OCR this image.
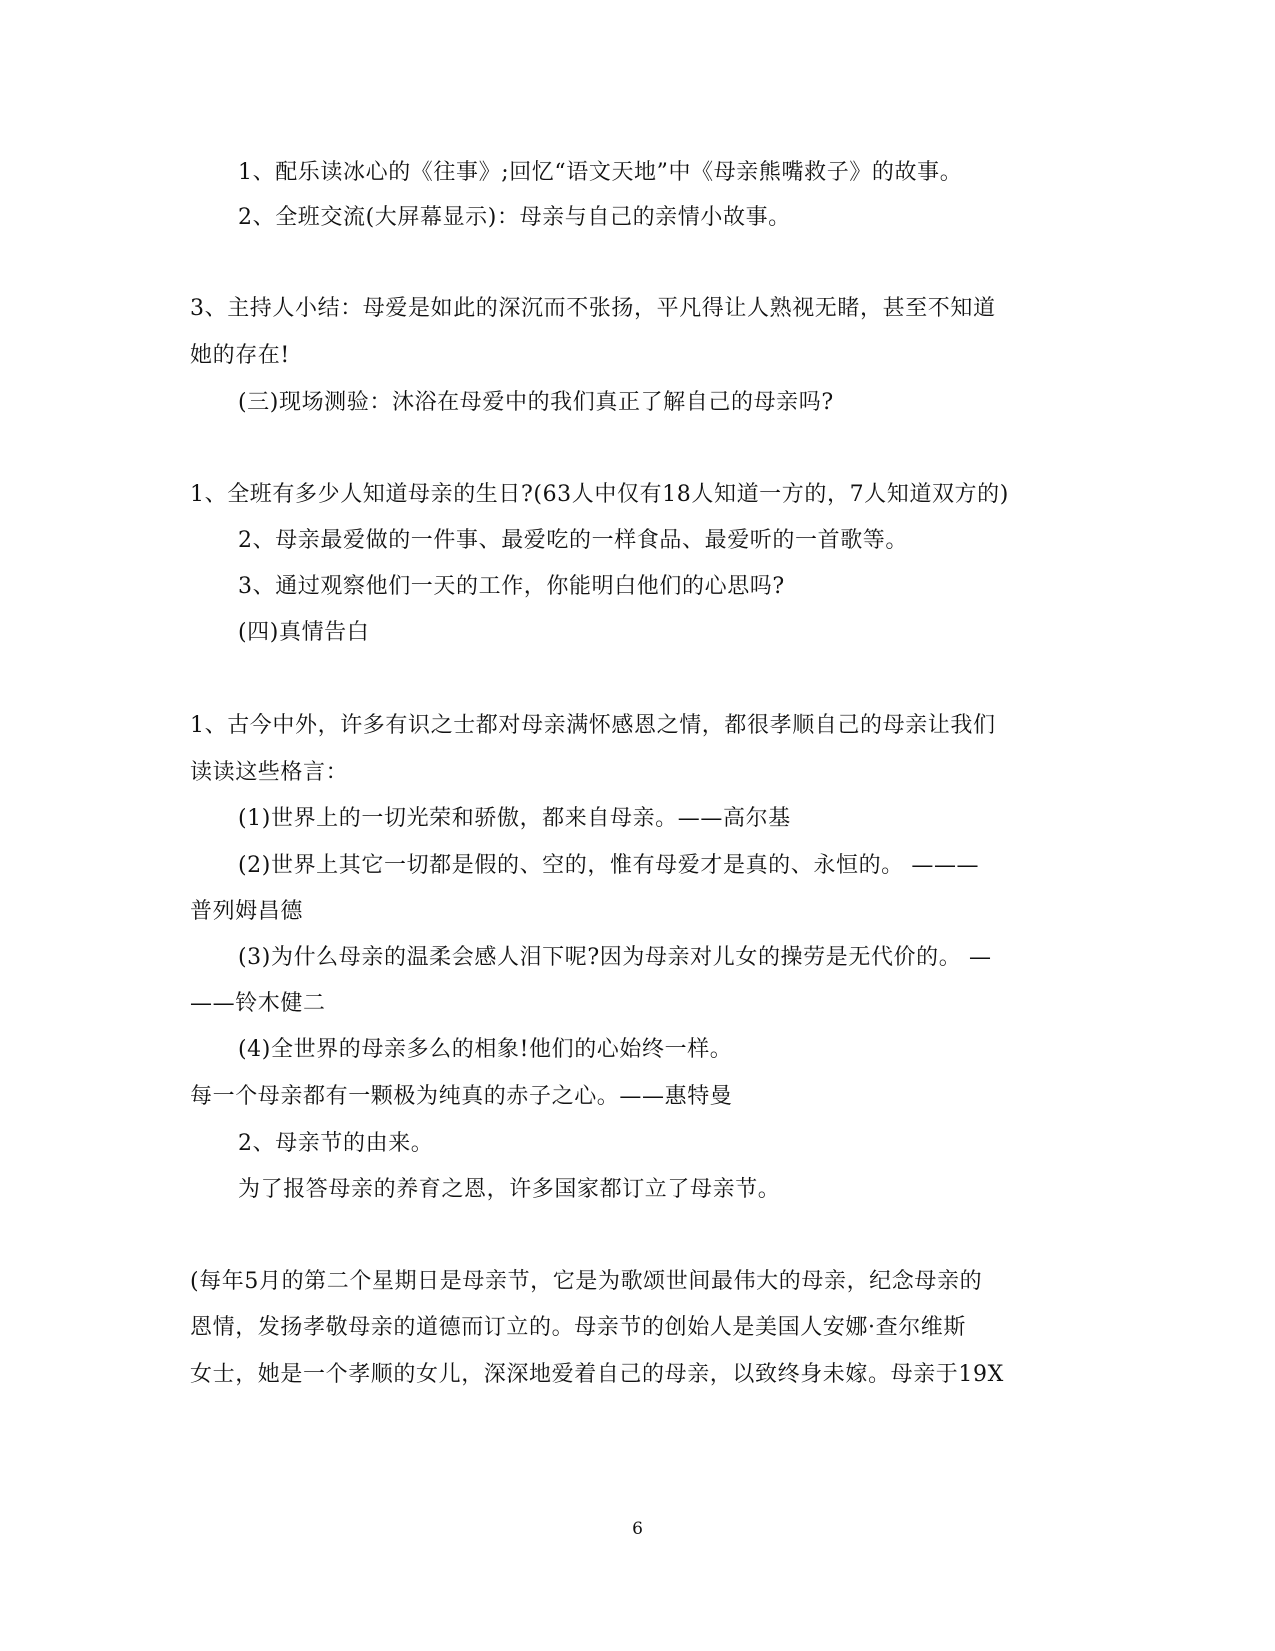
1、配乐读冰心的《往事》;回忆“语文天地”中《母亲熊嘴救子》的故事。
2、全班交流(大屏幕显示)：母亲与自己的亲情小故事。
3、主持人小结：母爱是如此的深沉而不张扬，平凡得让人熟视无睹，甚至不知道
她的存在!
(三)现场测验：沐浴在母爱中的我们真正了解自己的母亲吗?
1、全班有多少人知道母亲的生日?(63人中仅有18人知道一方的，7人知道双方的)
2、母亲最爱做的一件事、最爱吃的一样食品、最爱听的一首歌等。
3、通过观察他们一天的工作，你能明白他们的心思吗?
(四)真情告白
1、古今中外，许多有识之士都对母亲满怀感恩之情，都很孝顺自己的母亲让我们
读读这些格言：
(1)世界上的一切光荣和骄傲，都来自母亲。——高尔基
(2)世界上其它一切都是假的、空的，惟有母爱才是真的、永恒的。 ———
普列姆昌德
(3)为什么母亲的温柔会感人泪下呢?因为母亲对儿女的操劳是无代价的。 —
——铃木健二
(4)全世界的母亲多么的相象!他们的心始终一样。
每一个母亲都有一颗极为纯真的赤子之心。——惠特曼
2、母亲节的由来。
为了报答母亲的养育之恩，许多国家都订立了母亲节。
(每年5月的第二个星期日是母亲节，它是为歌颂世间最伟大的母亲，纪念母亲的
恩情，发扬孝敬母亲的道德而订立的。母亲节的创始人是美国人安娜·查尔维斯
女士，她是一个孝顺的女儿，深深地爱着自己的母亲，以致终身未嫁。母亲于19X
6
